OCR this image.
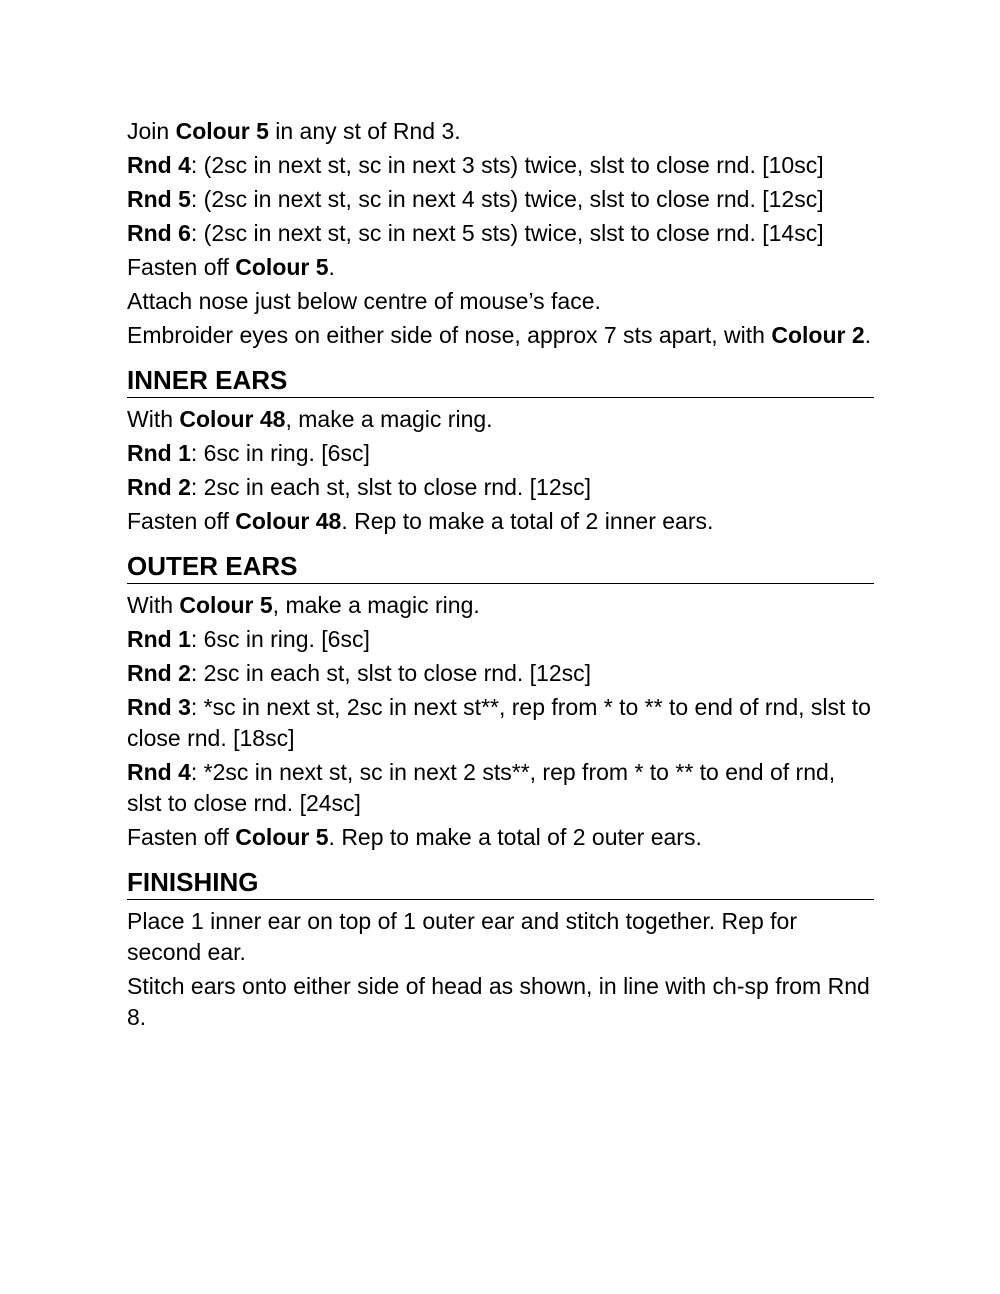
Join Colour 5 in any st of Rnd 3.
Rnd 4: (2sc in next st, sc in next 3 sts) twice, slst to close rnd. [10sc]
Rnd 5: (2sc in next st, sc in next 4 sts) twice, slst to close rnd. [12sc]
Rnd 6: (2sc in next st, sc in next 5 sts) twice, slst to close rnd. [14sc]
Fasten off Colour 5.
Attach nose just below centre of mouse’s face.
Embroider eyes on either side of nose, approx 7 sts apart, with Colour 2.
INNER EARS
With Colour 48, make a magic ring.
Rnd 1: 6sc in ring. [6sc]
Rnd 2: 2sc in each st, slst to close rnd. [12sc]
Fasten off Colour 48. Rep to make a total of 2 inner ears.
OUTER EARS
With Colour 5, make a magic ring.
Rnd 1: 6sc in ring. [6sc]
Rnd 2: 2sc in each st, slst to close rnd. [12sc]
Rnd 3: *sc in next st, 2sc in next st**, rep from * to ** to end of rnd, slst to close rnd. [18sc]
Rnd 4: *2sc in next st, sc in next 2 sts**, rep from * to ** to end of rnd, slst to close rnd. [24sc]
Fasten off Colour 5. Rep to make a total of 2 outer ears.
FINISHING
Place 1 inner ear on top of 1 outer ear and stitch together. Rep for second ear.
Stitch ears onto either side of head as shown, in line with ch-sp from Rnd 8.
